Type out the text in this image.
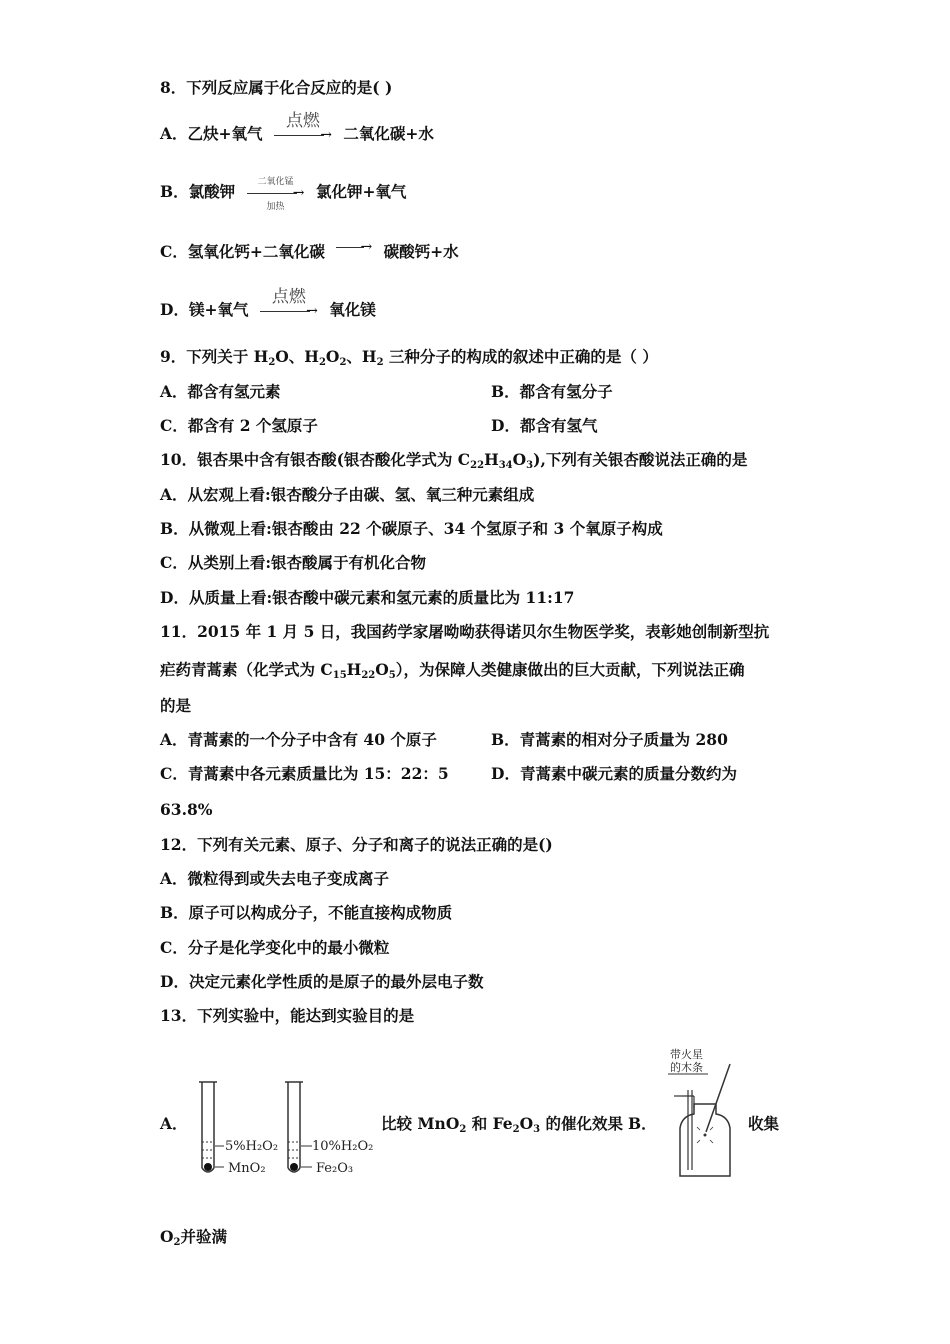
8．下列反应属于化合反应的是( )
A．乙炔+氧气
点燃
→ 二氧化碳+水
B．氯酸钾	二氧化锰
→
加热
氯化钾+氧气
C．氢氧化钙+二氧化碳	→ 碳酸钙+水
D．镁+氧气
点燃
→ 氧化镁
9．下列关于 H2O、H2O2、H2 三种分子的构成的叙述中正确的是（ ）
A．都含有氢元素	B．都含有氢分子
C．都含有 2 个氢原子	D．都含有氢气
10．银杏果中含有银杏酸(银杏酸化学式为 C22H34O3),下列有关银杏酸说法正确的是
A．从宏观上看:银杏酸分子由碳、氢、氧三种元素组成
B．从微观上看:银杏酸由 22 个碳原子、34 个氢原子和 3 个氧原子构成
C．从类别上看:银杏酸属于有机化合物
D．从质量上看:银杏酸中碳元素和氢元素的质量比为 11:17
11．2015 年 1 月 5 日，我国药学家屠呦呦获得诺贝尔生物医学奖，表彰她创制新型抗
疟药青蒿素（化学式为 C15H22O5），为保障人类健康做出的巨大贡献，下列说法正确
的是
A．青蒿素的一个分子中含有 40 个原子	B．青蒿素的相对分子质量为 280
C．青蒿素中各元素质量比为 15：22：5	D．青蒿素中碳元素的质量分数约为
63.8%
12．下列有关元素、原子、分子和离子的说法正确的是()
A．微粒得到或失去电子变成离子
B．原子可以构成分子，不能直接构成物质
C．分子是化学变化中的最小微粒
D．决定元素化学性质的是原子的最外层电子数
13．下列实验中，能达到实验目的是
A．
5%H₂O₂
MnO₂
10%H₂O₂
Fe₂O₃
比较 MnO2 和 Fe2O3 的催化效果 B．
带火星
的木条
收集
O2并验满
